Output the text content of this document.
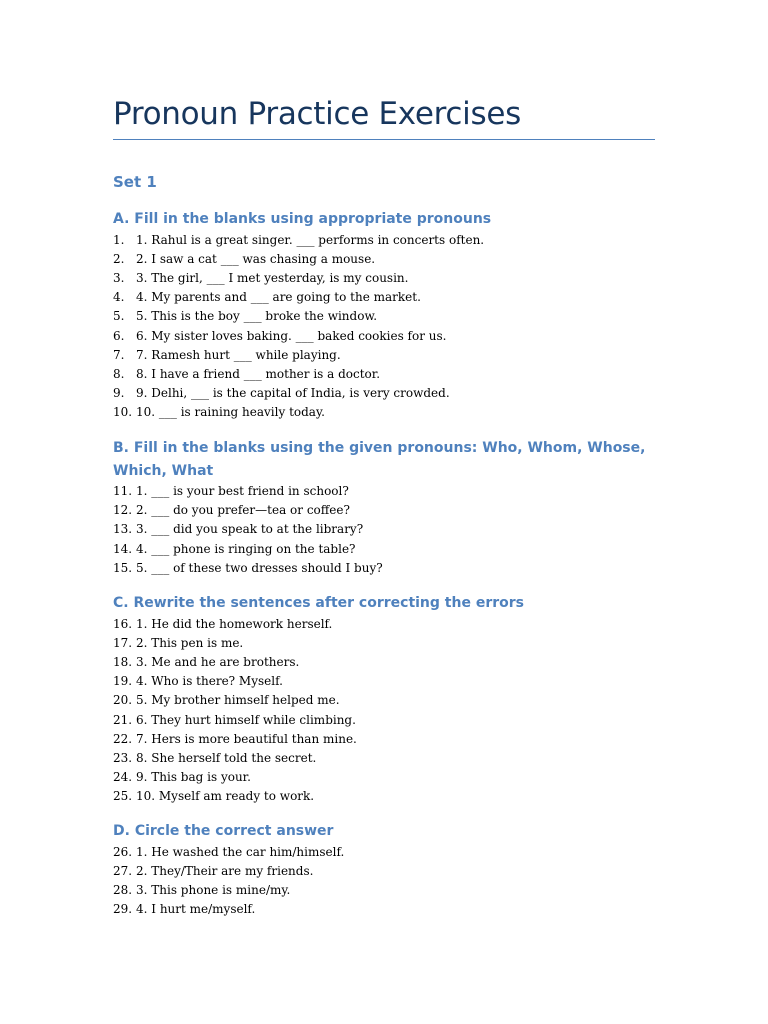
Pronoun Practice Exercises
Set 1
A. Fill in the blanks using appropriate pronouns
1. 1. Rahul is a great singer. ___ performs in concerts often.
2. 2. I saw a cat ___ was chasing a mouse.
3. 3. The girl, ___ I met yesterday, is my cousin.
4. 4. My parents and ___ are going to the market.
5. 5. This is the boy ___ broke the window.
6. 6. My sister loves baking. ___ baked cookies for us.
7. 7. Ramesh hurt ___ while playing.
8. 8. I have a friend ___ mother is a doctor.
9. 9. Delhi, ___ is the capital of India, is very crowded.
10. 10. ___ is raining heavily today.
B. Fill in the blanks using the given pronouns: Who, Whom, Whose, Which, What
11. 1. ___ is your best friend in school?
12. 2. ___ do you prefer—tea or coffee?
13. 3. ___ did you speak to at the library?
14. 4. ___ phone is ringing on the table?
15. 5. ___ of these two dresses should I buy?
C. Rewrite the sentences after correcting the errors
16. 1. He did the homework herself.
17. 2. This pen is me.
18. 3. Me and he are brothers.
19. 4. Who is there? Myself.
20. 5. My brother himself helped me.
21. 6. They hurt himself while climbing.
22. 7. Hers is more beautiful than mine.
23. 8. She herself told the secret.
24. 9. This bag is your.
25. 10. Myself am ready to work.
D. Circle the correct answer
26. 1. He washed the car him/himself.
27. 2. They/Their are my friends.
28. 3. This phone is mine/my.
29. 4. I hurt me/myself.
